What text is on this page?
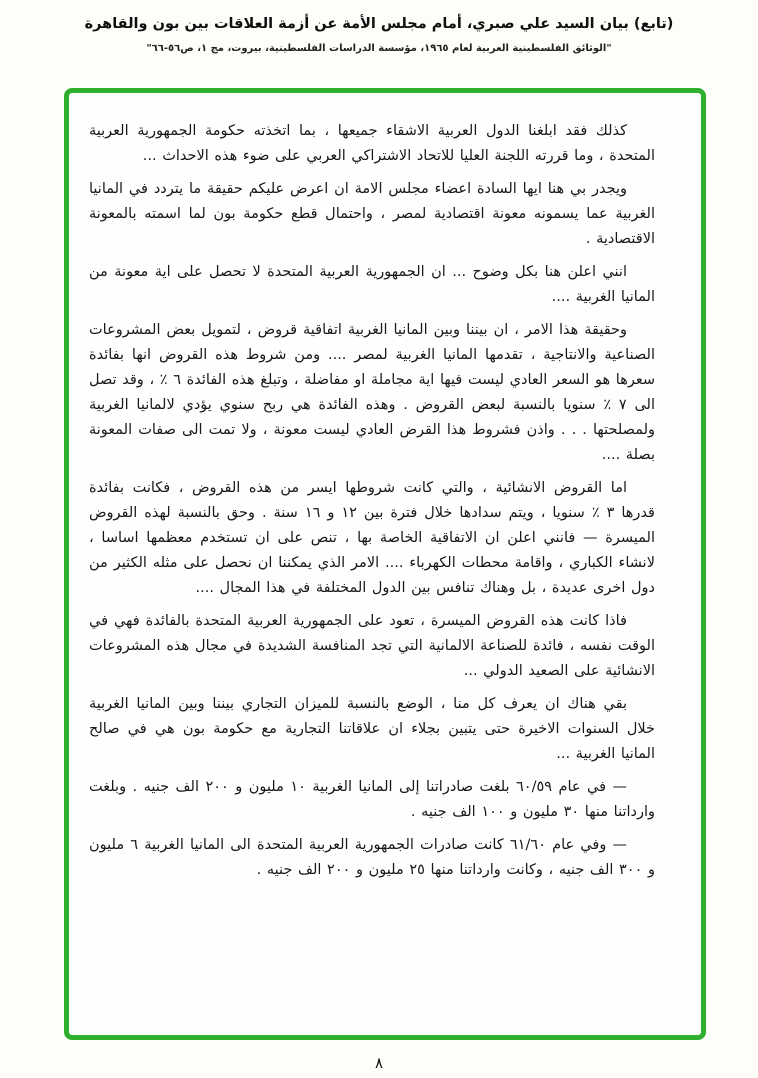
(تابع) بيان السيد علي صبري، أمام مجلس الأمة عن أزمة العلاقات بين بون والقاهرة
"الوثائق الفلسطينية العربية لعام ١٩٦٥، مؤسسة الدراسات الفلسطينية، بيروت، مج ١، ص٥٦-٦٦"

كذلك فقد ابلغنا الدول العربية الاشقاء جميعها ، بما اتخذته حكومة الجمهورية العربية المتحدة ، وما قررته اللجنة العليا للاتحاد الاشتراكي العربي على ضوء هذه الاحداث ...

ويجدر بي هنا ايها السادة اعضاء مجلس الامة ان اعرض عليكم حقيقة ما يتردد في المانيا الغربية عما يسمونه معونة اقتصادية لمصر ، واحتمال قطع حكومة بون لما اسمته بالمعونة الاقتصادية .

انني اعلن هنا بكل وضوح ... ان الجمهورية العربية المتحدة لا تحصل على اية معونة من المانيا الغربية ....

وحقيقة هذا الامر ، ان بيننا وبين المانيا الغربية اتفاقية قروض ، لتمويل بعض المشروعات الصناعية والانتاجية ، تقدمها المانيا الغربية لمصر .... ومن شروط هذه القروض انها بفائدة سعرها هو السعر العادي ليست فيها اية مجاملة او مفاضلة ، وتبلغ هذه الفائدة ٦ ٪ ، وقد تصل الى ٧ ٪ سنويا بالنسبة لبعض القروض . وهذه الفائدة هي ربح سنوي يؤدي لالمانيا الغربية ولمصلحتها . . . واذن فشروط هذا القرض العادي ليست معونة ، ولا تمت الى صفات المعونة بصلة ....

اما القروض الانشائية ، والتي كانت شروطها ايسر من هذه القروض ، فكانت بفائدة قدرها ٣ ٪ سنويا ، ويتم سدادها خلال فترة بين ١٢ و ١٦ سنة . وحق بالنسبة لهذه القروض الميسرة — فانني اعلن ان الاتفاقية الخاصة بها ، تنص على ان تستخدم معظمها اساسا ، لانشاء الكباري ، واقامة محطات الكهرباء .... الامر الذي يمكننا ان نحصل على مثله الكثير من دول اخرى عديدة ، بل وهناك تنافس بين الدول المختلفة في هذا المجال ....

فاذا كانت هذه القروض الميسرة ، تعود على الجمهورية العربية المتحدة بالفائدة فهي في الوقت نفسه ، فائدة للصناعة الالمانية التي تجد المنافسة الشديدة في مجال هذه المشروعات الانشائية على الصعيد الدولي ...

بقي هناك ان يعرف كل منا ، الوضع بالنسبة للميزان التجاري بيننا وبين المانيا الغربية خلال السنوات الاخيرة حتى يتبين بجلاء ان علاقاتنا التجارية مع حكومة بون هي في صالح المانيا الغربية ...

— في عام ٦٠/٥٩ بلغت صادراتنا إلى المانيا الغربية ١٠ مليون و ٢٠٠ الف جنيه . وبلغت وارداتنا منها ٣٠ مليون و ١٠٠ الف جنيه .

— وفي عام ٦١/٦٠ كانت صادرات الجمهورية العربية المتحدة الى المانيا الغربية ٦ مليون و ٣٠٠ الف جنيه ، وكانت وارداتنا منها ٢٥ مليون و ٢٠٠ الف جنيه .

٨
